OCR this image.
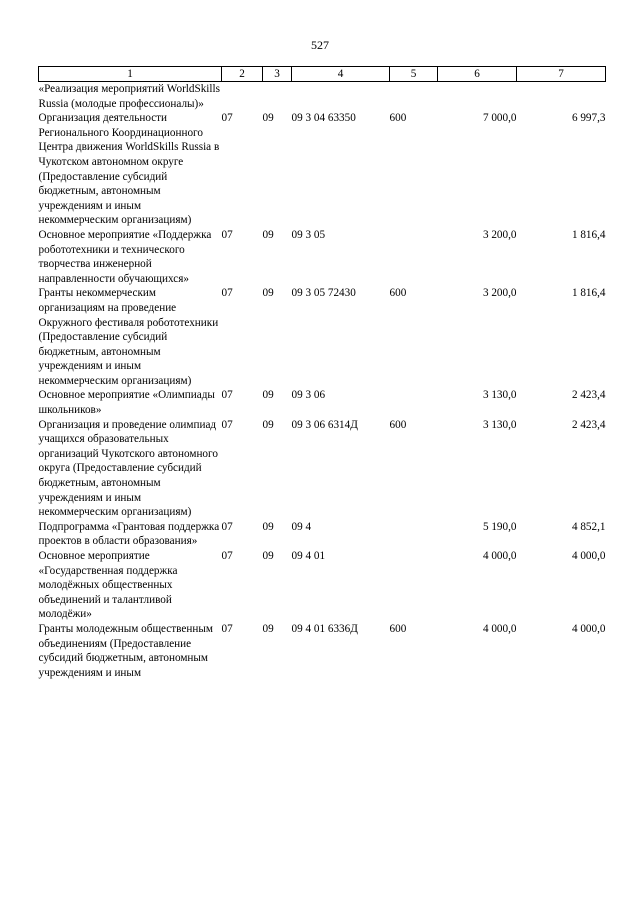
527
1	2	3	4	5	6	7
«Реализация мероприятий WorldSkills Russia (молодые профессионалы)»						
Организация деятельности Регионального Координационного Центра движения WorldSkills Russia в Чукотском автономном округе (Предоставление субсидий бюджетным, автономным учреждениям и иным некоммерческим организациям)	07	09	09 3 04 63350	600	7 000,0	6 997,3
Основное мероприятие «Поддержка робототехники и технического творчества инженерной направленности обучающихся»	07	09	09 3 05		3 200,0	1 816,4
Гранты некоммерческим организациям на проведение Окружного фестиваля робототехники (Предоставление субсидий бюджетным, автономным учреждениям и иным некоммерческим организациям)	07	09	09 3 05 72430	600	3 200,0	1 816,4
Основное мероприятие «Олимпиады школьников»	07	09	09 3 06		3 130,0	2 423,4
Организация и проведение олимпиад учащихся образовательных организаций Чукотского автономного округа (Предоставление субсидий бюджетным, автономным учреждениям и иным некоммерческим организациям)	07	09	09 3 06 6314Д	600	3 130,0	2 423,4
Подпрограмма «Грантовая поддержка проектов в области образования»	07	09	09 4		5 190,0	4 852,1
Основное мероприятие «Государственная поддержка молодёжных общественных объединений и талантливой молодёжи»	07	09	09 4 01		4 000,0	4 000,0
Гранты молодежным общественным объединениям (Предоставление субсидий бюджетным, автономным учреждениям и иным	07	09	09 4 01 6336Д	600	4 000,0	4 000,0
